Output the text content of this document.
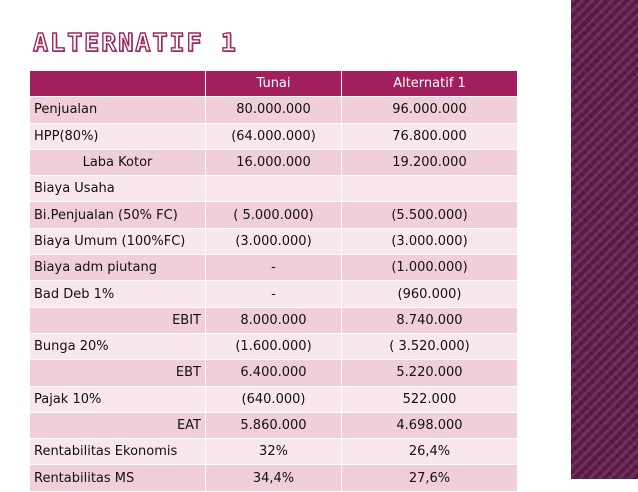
ALTERNATIF 1
	Tunai	Alternatif 1
Penjualan	80.000.000	96.000.000
HPP(80%)	(64.000.000)	76.800.000
Laba Kotor	16.000.000	19.200.000
Biaya Usaha		
Bi.Penjualan (50% FC)	( 5.000.000)	(5.500.000)
Biaya Umum (100%FC)	(3.000.000)	(3.000.000)
Biaya adm piutang	-	(1.000.000)
Bad Deb 1%	-	(960.000)
EBIT	8.000.000	8.740.000
Bunga 20%	(1.600.000)	( 3.520.000)
EBT	6.400.000	5.220.000
Pajak 10%	(640.000)	522.000
EAT	5.860.000	4.698.000
Rentabilitas Ekonomis	32%	26,4%
Rentabilitas MS	34,4%	27,6%
